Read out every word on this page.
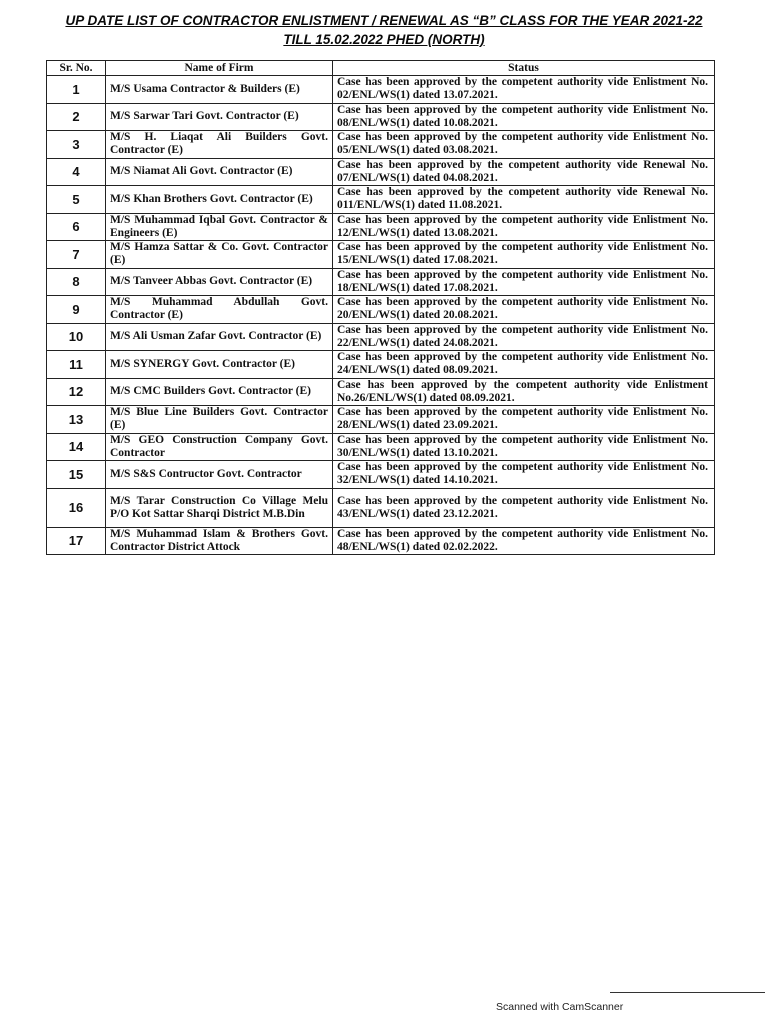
UP DATE LIST OF CONTRACTOR ENLISTMENT / RENEWAL AS “B” CLASS FOR THE YEAR 2021-22
TILL 15.02.2022 PHED (NORTH)
Sr. No.	Name of Firm	Status
1	M/S Usama Contractor & Builders (E)	Case has been approved by the competent authority vide Enlistment No. 02/ENL/WS(1) dated 13.07.2021.
2	M/S Sarwar Tari Govt. Contractor (E)	Case has been approved by the competent authority vide Enlistment No. 08/ENL/WS(1) dated 10.08.2021.
3	M/S H. Liaqat Ali Builders Govt. Contractor (E)	Case has been approved by the competent authority vide Enlistment No. 05/ENL/WS(1) dated 03.08.2021.
4	M/S Niamat Ali Govt. Contractor (E)	Case has been approved by the competent authority vide Renewal No. 07/ENL/WS(1) dated 04.08.2021.
5	M/S Khan Brothers Govt. Contractor (E)	Case has been approved by the competent authority vide Renewal No. 011/ENL/WS(1) dated 11.08.2021.
6	M/S Muhammad Iqbal Govt. Contractor & Engineers (E)	Case has been approved by the competent authority vide Enlistment No. 12/ENL/WS(1) dated 13.08.2021.
7	M/S Hamza Sattar & Co. Govt. Contractor (E)	Case has been approved by the competent authority vide Enlistment No. 15/ENL/WS(1) dated 17.08.2021.
8	M/S Tanveer Abbas Govt. Contractor (E)	Case has been approved by the competent authority vide Enlistment No. 18/ENL/WS(1) dated 17.08.2021.
9	M/S Muhammad Abdullah Govt. Contractor (E)	Case has been approved by the competent authority vide Enlistment No. 20/ENL/WS(1) dated 20.08.2021.
10	M/S Ali Usman Zafar Govt. Contractor (E)	Case has been approved by the competent authority vide Enlistment No. 22/ENL/WS(1) dated 24.08.2021.
11	M/S SYNERGY Govt. Contractor (E)	Case has been approved by the competent authority vide Enlistment No. 24/ENL/WS(1) dated 08.09.2021.
12	M/S CMC Builders Govt. Contractor (E)	Case has been approved by the competent authority vide Enlistment No.26/ENL/WS(1) dated 08.09.2021.
13	M/S Blue Line Builders Govt. Contractor (E)	Case has been approved by the competent authority vide Enlistment No. 28/ENL/WS(1) dated 23.09.2021.
14	M/S GEO Construction Company Govt. Contractor	Case has been approved by the competent authority vide Enlistment No. 30/ENL/WS(1) dated 13.10.2021.
15	M/S S&S Contructor Govt. Contractor	Case has been approved by the competent authority vide Enlistment No. 32/ENL/WS(1) dated 14.10.2021.
16	M/S Tarar Construction Co Village Melu P/O Kot Sattar Sharqi District M.B.Din	Case has been approved by the competent authority vide Enlistment No. 43/ENL/WS(1) dated 23.12.2021.
17	M/S Muhammad Islam & Brothers Govt. Contractor District Attock	Case has been approved by the competent authority vide Enlistment No. 48/ENL/WS(1) dated 02.02.2022.
Scanned with CamScanner
